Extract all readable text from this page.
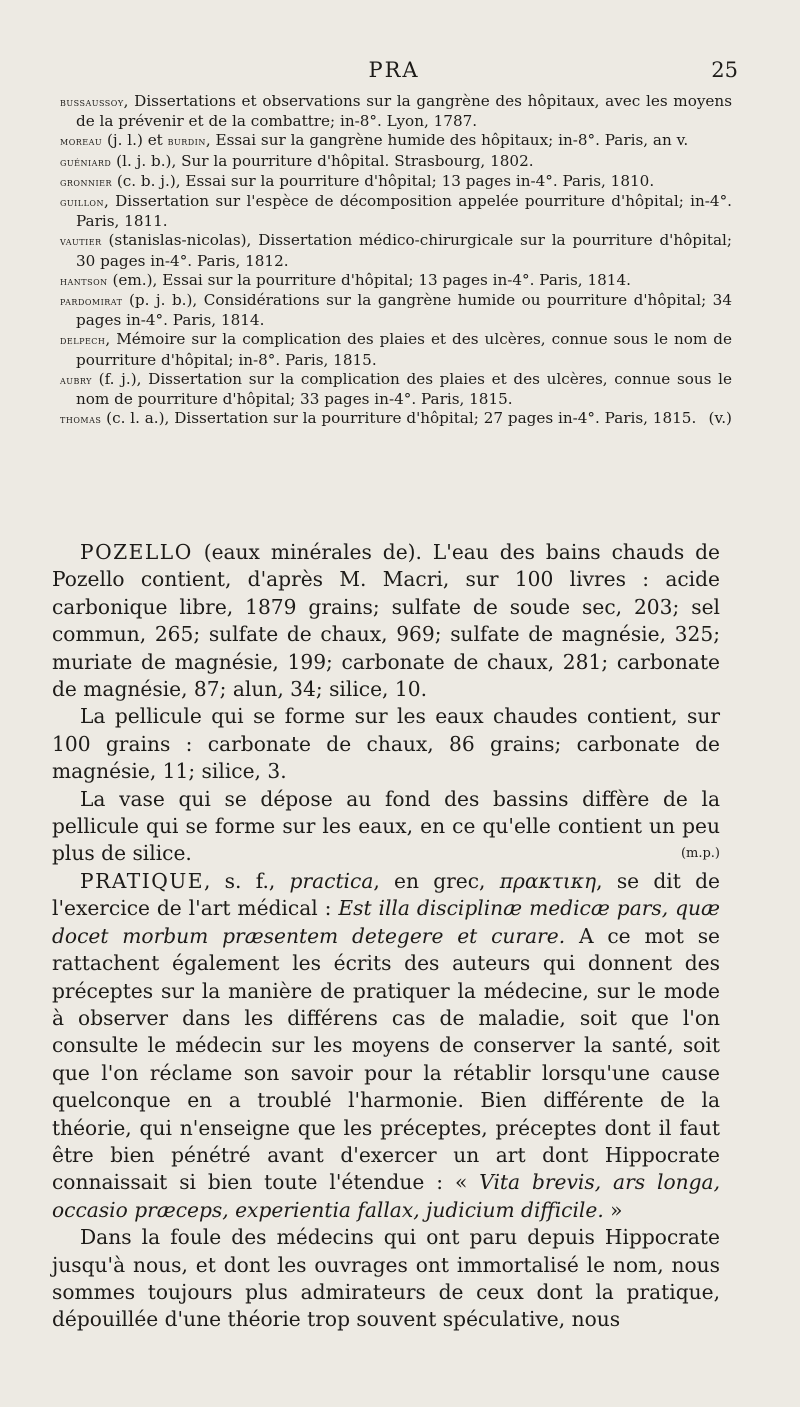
PRA	25

bussaussoy, Dissertations et observations sur la gangrène des hôpitaux, avec les moyens de la prévenir et de la combattre; in-8°. Lyon, 1787.

moreau (j. l.) et burdin, Essai sur la gangrène humide des hôpitaux; in-8°. Paris, an v.

guéniard (l. j. b.), Sur la pourriture d'hôpital. Strasbourg, 1802.

gronnier (c. b. j.), Essai sur la pourriture d'hôpital; 13 pages in-4°. Paris, 1810.

guillon, Dissertation sur l'espèce de décomposition appelée pourriture d'hôpital; in-4°. Paris, 1811.

vautier (stanislas-nicolas), Dissertation médico-chirurgicale sur la pourriture d'hôpital; 30 pages in-4°. Paris, 1812.

hantson (em.), Essai sur la pourriture d'hôpital; 13 pages in-4°. Paris, 1814.

pardomirat (p. j. b.), Considérations sur la gangrène humide ou pourriture d'hôpital; 34 pages in-4°. Paris, 1814.

delpech, Mémoire sur la complication des plaies et des ulcères, connue sous le nom de pourriture d'hôpital; in-8°. Paris, 1815.

aubry (f. j.), Dissertation sur la complication des plaies et des ulcères, connue sous le nom de pourriture d'hôpital; 33 pages in-4°. Paris, 1815.

thomas (c. l. a.), Dissertation sur la pourriture d'hôpital; 27 pages in-4°. Paris, 1815. (v.)

POZELLO (eaux minérales de). L'eau des bains chauds de Pozello contient, d'après M. Macri, sur 100 livres : acide carbonique libre, 1879 grains; sulfate de soude sec, 203; sel commun, 265; sulfate de chaux, 969; sulfate de magnésie, 325; muriate de magnésie, 199; carbonate de chaux, 281; carbonate de magnésie, 87; alun, 34; silice, 10.

La pellicule qui se forme sur les eaux chaudes contient, sur 100 grains : carbonate de chaux, 86 grains; carbonate de magnésie, 11; silice, 3.

La vase qui se dépose au fond des bassins diffère de la pellicule qui se forme sur les eaux, en ce qu'elle contient un peu plus de silice.	(m.p.)

PRATIQUE, s. f., practica, en grec, πρακτικη, se dit de l'exercice de l'art médical : Est illa disciplinæ medicæ pars, quæ docet morbum præsentem detegere et curare. A ce mot se rattachent également les écrits des auteurs qui donnent des préceptes sur la manière de pratiquer la médecine, sur le mode à observer dans les différens cas de maladie, soit que l'on consulte le médecin sur les moyens de conserver la santé, soit que l'on réclame son savoir pour la rétablir lorsqu'une cause quelconque en a troublé l'harmonie. Bien différente de la théorie, qui n'enseigne que les préceptes, préceptes dont il faut être bien pénétré avant d'exercer un art dont Hippocrate connaissait si bien toute l'étendue : « Vita brevis, ars longa, occasio præceps, experientia fallax, judicium difficile. »

Dans la foule des médecins qui ont paru depuis Hippocrate jusqu'à nous, et dont les ouvrages ont immortalisé le nom, nous sommes toujours plus admirateurs de ceux dont la pratique, dépouillée d'une théorie trop souvent spéculative, nous
